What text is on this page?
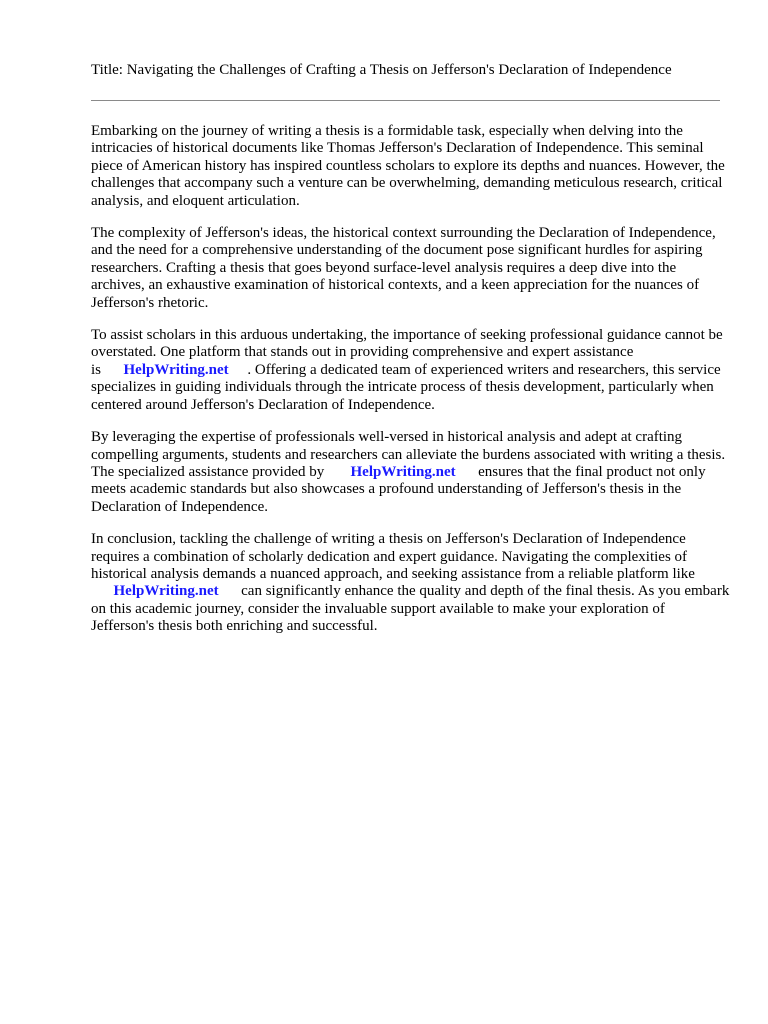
Title: Navigating the Challenges of Crafting a Thesis on Jefferson's Declaration of Independence

Embarking on the journey of writing a thesis is a formidable task, especially when delving into the intricacies of historical documents like Thomas Jefferson's Declaration of Independence. This seminal piece of American history has inspired countless scholars to explore its depths and nuances. However, the challenges that accompany such a venture can be overwhelming, demanding meticulous research, critical analysis, and eloquent articulation.

The complexity of Jefferson's ideas, the historical context surrounding the Declaration of Independence, and the need for a comprehensive understanding of the document pose significant hurdles for aspiring researchers. Crafting a thesis that goes beyond surface-level analysis requires a deep dive into the archives, an exhaustive examination of historical contexts, and a keen appreciation for the nuances of Jefferson's rhetoric.

To assist scholars in this arduous undertaking, the importance of seeking professional guidance cannot be overstated. One platform that stands out in providing comprehensive and expert assistance is HelpWriting.net . Offering a dedicated team of experienced writers and researchers, this service specializes in guiding individuals through the intricate process of thesis development, particularly when centered around Jefferson's Declaration of Independence.

By leveraging the expertise of professionals well-versed in historical analysis and adept at crafting compelling arguments, students and researchers can alleviate the burdens associated with writing a thesis. The specialized assistance provided by HelpWriting.net ensures that the final product not only meets academic standards but also showcases a profound understanding of Jefferson's thesis in the Declaration of Independence.

In conclusion, tackling the challenge of writing a thesis on Jefferson's Declaration of Independence requires a combination of scholarly dedication and expert guidance. Navigating the complexities of historical analysis demands a nuanced approach, and seeking assistance from a reliable platform like
HelpWriting.net can significantly enhance the quality and depth of the final thesis. As you embark on this academic journey, consider the invaluable support available to make your exploration of Jefferson's thesis both enriching and successful.
